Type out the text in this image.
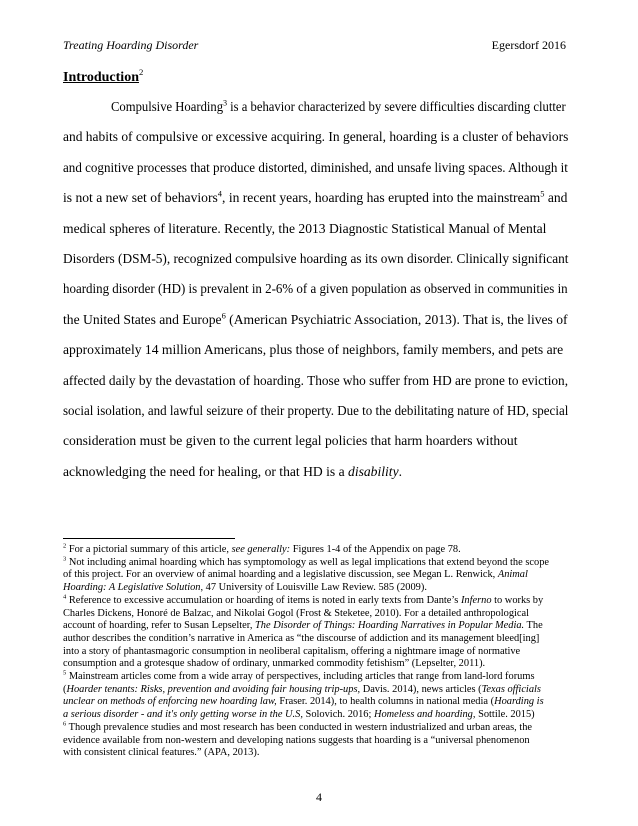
Treating Hoarding Disorder	Egersdorf 2016
Introduction$^2$
Compulsive Hoarding$^3$ is a behavior characterized by severe difficulties discarding clutter
and habits of compulsive or excessive acquiring. In general, hoarding is a cluster of behaviors
and cognitive processes that produce distorted, diminished, and unsafe living spaces. Although it
is not a new set of behaviors$^4$, in recent years, hoarding has erupted into the mainstream$^5$ and
medical spheres of literature. Recently, the 2013 Diagnostic Statistical Manual of Mental
Disorders (DSM-5), recognized compulsive hoarding as its own disorder. Clinically significant
hoarding disorder (HD) is prevalent in 2-6% of a given population as observed in communities in
the United States and Europe$^6$ (American Psychiatric Association, 2013). That is, the lives of
approximately 14 million Americans, plus those of neighbors, family members, and pets are
affected daily by the devastation of hoarding. Those who suffer from HD are prone to eviction,
social isolation, and lawful seizure of their property. Due to the debilitating nature of HD, special
consideration must be given to the current legal policies that harm hoarders without
acknowledging the need for healing, or that HD is a disability.
$^2$ For a pictorial summary of this article, see generally: Figures 1-4 of the Appendix on page 78.
$^3$ Not including animal hoarding which has symptomology as well as legal implications that extend beyond the scope
of this project. For an overview of animal hoarding and a legislative discussion, see Megan L. Renwick, Animal
Hoarding: A Legislative Solution, 47 University of Louisville Law Review. 585 (2009).
$^4$ Reference to excessive accumulation or hoarding of items is noted in early texts from Dante’s Inferno to works by
Charles Dickens, Honoré de Balzac, and Nikolai Gogol (Frost & Steketee, 2010). For a detailed anthropological
account of hoarding, refer to Susan Lepselter, The Disorder of Things: Hoarding Narratives in Popular Media. The
author describes the condition’s narrative in America as “the discourse of addiction and its management bleed[ing]
into a story of phantasmagoric consumption in neoliberal capitalism, offering a nightmare image of normative
consumption and a grotesque shadow of ordinary, unmarked commodity fetishism” (Lepselter, 2011).
$^5$ Mainstream articles come from a wide array of perspectives, including articles that range from land-lord forums
(Hoarder tenants: Risks, prevention and avoiding fair housing trip-ups, Davis. 2014), news articles (Texas officials
unclear on methods of enforcing new hoarding law, Fraser. 2014), to health columns in national media (Hoarding is
a serious disorder - and it's only getting worse in the U.S, Solovich. 2016; Homeless and hoarding, Sottile. 2015)
$^6$ Though prevalence studies and most research has been conducted in western industrialized and urban areas, the
evidence available from non-western and developing nations suggests that hoarding is a “universal phenomenon
with consistent clinical features.” (APA, 2013).
4
